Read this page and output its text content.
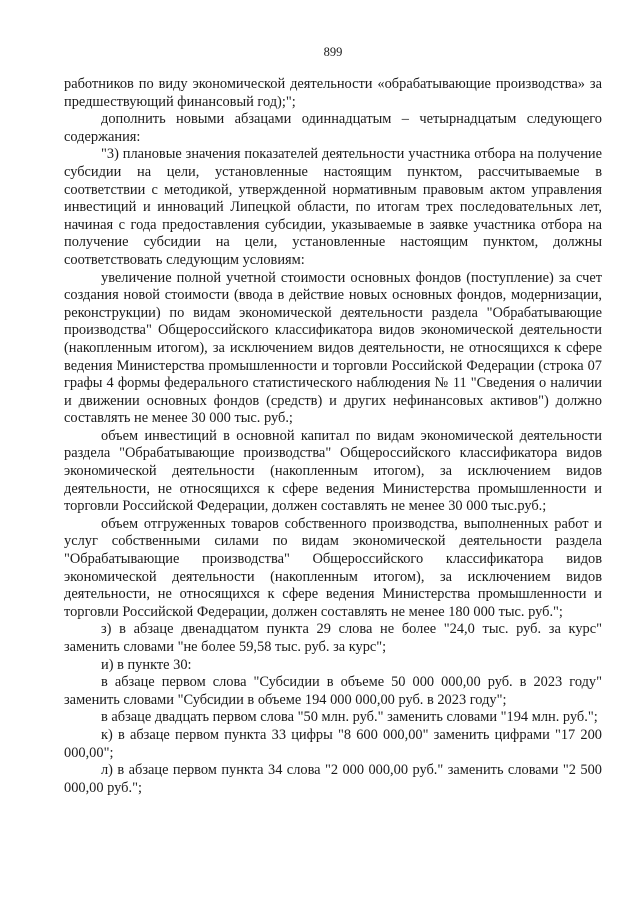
899

работников по виду экономической деятельности «обрабатывающие производства» за предшествующий финансовый год);";

дополнить новыми абзацами одиннадцатым – четырнадцатым следующего содержания:

"3) плановые значения показателей деятельности участника отбора на получение субсидии на цели, установленные настоящим пунктом, рассчитываемые в соответствии с методикой, утвержденной нормативным правовым актом управления инвестиций и инноваций Липецкой области, по итогам трех последовательных лет, начиная с года предоставления субсидии, указываемые в заявке участника отбора на получение субсидии на цели, установленные настоящим пунктом, должны соответствовать следующим условиям:

увеличение полной учетной стоимости основных фондов (поступление) за счет создания новой стоимости (ввода в действие новых основных фондов, модернизации, реконструкции) по видам экономической деятельности раздела "Обрабатывающие производства" Общероссийского классификатора видов экономической деятельности (накопленным итогом), за исключением видов деятельности, не относящихся к сфере ведения Министерства промышленности и торговли Российской Федерации (строка 07 графы 4 формы федерального статистического наблюдения № 11 "Сведения о наличии и движении основных фондов (средств) и других нефинансовых активов") должно составлять не менее 30 000 тыс. руб.;

объем инвестиций в основной капитал по видам экономической деятельности раздела "Обрабатывающие производства" Общероссийского классификатора видов экономической деятельности (накопленным итогом), за исключением видов деятельности, не относящихся к сфере ведения Министерства промышленности и торговли Российской Федерации, должен составлять не менее 30 000 тыс.руб.;

объем отгруженных товаров собственного производства, выполненных работ и услуг собственными силами по видам экономической деятельности раздела "Обрабатывающие производства" Общероссийского классификатора видов экономической деятельности (накопленным итогом), за исключением видов деятельности, не относящихся к сфере ведения Министерства промышленности и торговли Российской Федерации, должен составлять не менее 180 000 тыс. руб.";

з) в абзаце двенадцатом пункта 29 слова не более "24,0 тыс. руб. за курс" заменить словами "не более 59,58 тыс. руб. за курс";

и) в пункте 30:

в абзаце первом слова "Субсидии в объеме 50 000 000,00 руб. в 2023 году" заменить словами "Субсидии в объеме 194 000 000,00 руб. в 2023 году";

в абзаце двадцать первом слова "50 млн. руб." заменить словами "194 млн. руб.";

к) в абзаце первом пункта 33 цифры "8 600 000,00" заменить цифрами "17 200 000,00";

л) в абзаце первом пункта 34 слова "2 000 000,00 руб." заменить словами "2 500 000,00 руб.";
